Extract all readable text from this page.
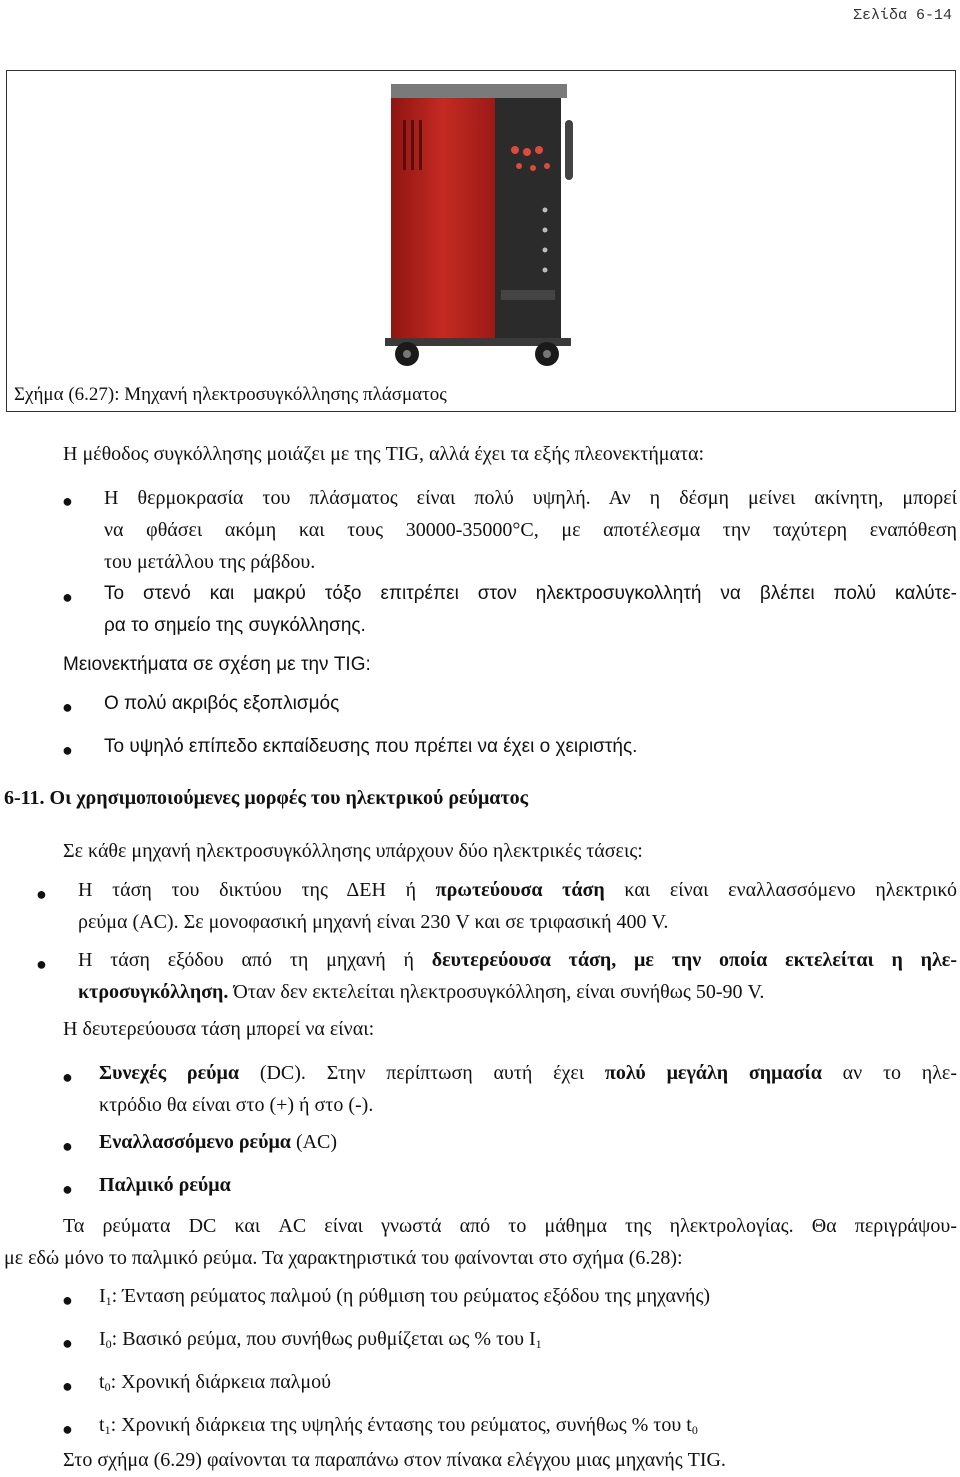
Σελίδα 6-14
Σχήμα (6.27): Μηχανή ηλεκτροσυγκόλλησης πλάσματος

Η μέθοδος συγκόλλησης μοιάζει με της TIG, αλλά έχει τα εξής πλεονεκτήματα:

● Η θερμοκρασία του πλάσματος είναι πολύ υψηλή. Αν η δέσμη μείνει ακίνητη, μπορεί
να φθάσει ακόμη και τους 30000-35000°C, με αποτέλεσμα την ταχύτερη εναπόθεση
του μετάλλου της ράβδου.
● Το στενό και μακρύ τόξο επιτρέπει στον ηλεκτροσυγκολλητή να βλέπει πολύ καλύτε-
ρα το σημείο της συγκόλλησης.

Μειονεκτήματα σε σχέση με την TIG:

● Ο πολύ ακριβός εξοπλισμός
● Το υψηλό επίπεδο εκπαίδευσης που πρέπει να έχει ο χειριστής.
6-11. Οι χρησιμοποιούμενες μορφές του ηλεκτρικού ρεύματος

Σε κάθε μηχανή ηλεκτροσυγκόλλησης υπάρχουν δύο ηλεκτρικές τάσεις:

● Η τάση του δικτύου της ΔΕΗ ή πρωτεύουσα τάση και είναι εναλλασσόμενο ηλεκτρικό
ρεύμα (AC). Σε μονοφασική μηχανή είναι 230 V και σε τριφασική 400 V.
● Η τάση εξόδου από τη μηχανή ή δευτερεύουσα τάση, με την οποία εκτελείται η ηλε-
κτροσυγκόλληση. Όταν δεν εκτελείται ηλεκτροσυγκόλληση, είναι συνήθως 50-90 V.

Η δευτερεύουσα τάση μπορεί να είναι:

● Συνεχές ρεύμα (DC). Στην περίπτωση αυτή έχει πολύ μεγάλη σημασία αν το ηλε-
κτρόδιο θα είναι στο (+) ή στο (-).
● Εναλλασσόμενο ρεύμα (AC)
● Παλμικό ρεύμα
Τα ρεύματα DC και AC είναι γνωστά από το μάθημα της ηλεκτρολογίας. Θα περιγράψου-
με εδώ μόνο το παλμικό ρεύμα. Τα χαρακτηριστικά του φαίνονται στο σχήμα (6.28):
● $I_1$: Ένταση ρεύματος παλμού (η ρύθμιση του ρεύματος εξόδου της μηχανής)
● $I_0$: Βασικό ρεύμα, που συνήθως ρυθμίζεται ως % του $I_1$
● $t_0$: Χρονική διάρκεια παλμού
● $t_1$: Χρονική διάρκεια της υψηλής έντασης του ρεύματος, συνήθως % του $t_0$

Στο σχήμα (6.29) φαίνονται τα παραπάνω στον πίνακα ελέγχου μιας μηχανής TIG.
